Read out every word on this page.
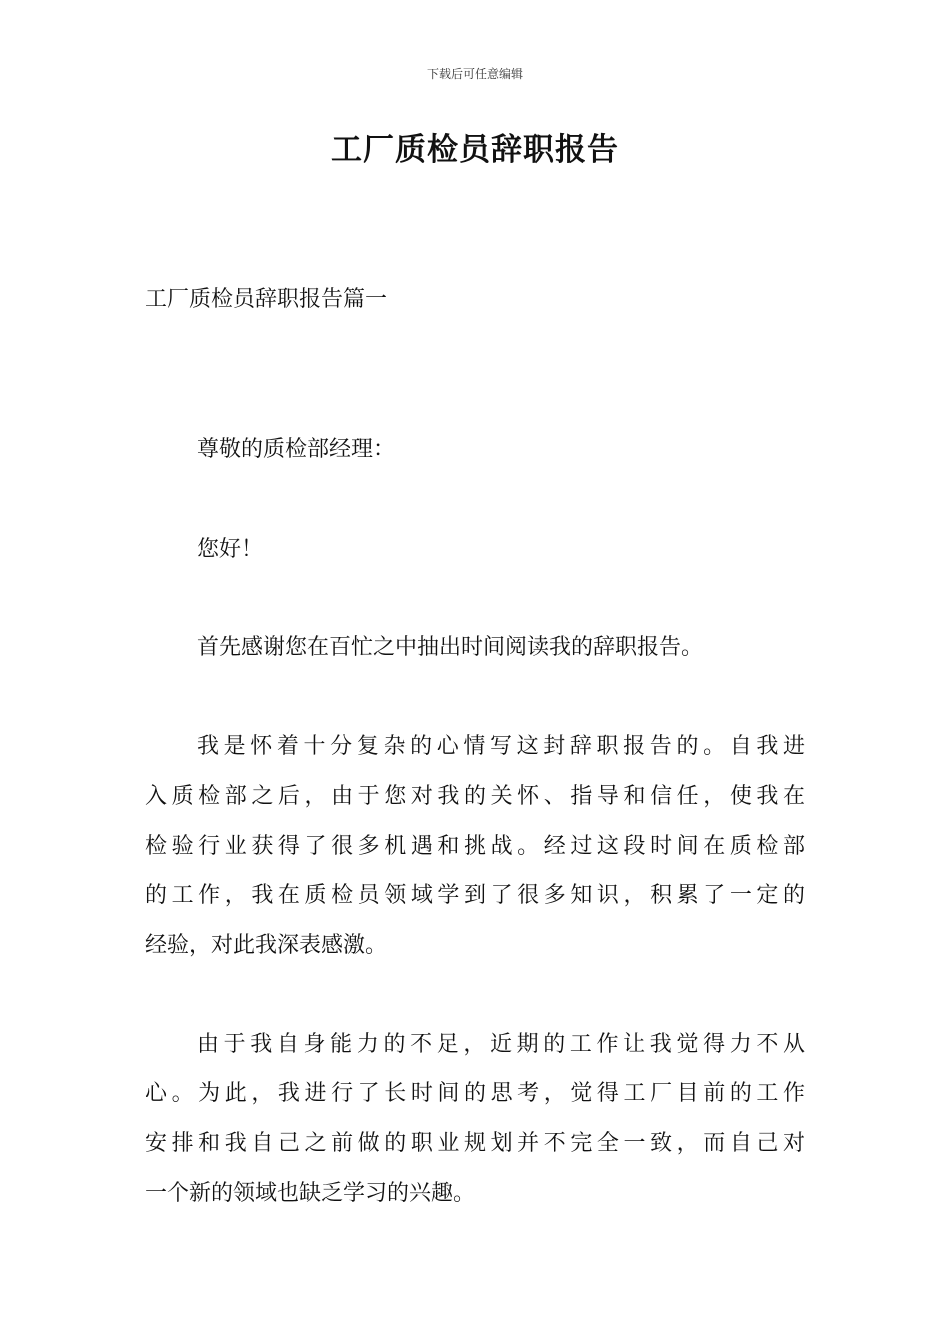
下载后可任意编辑
工厂质检员辞职报告
工厂质检员辞职报告篇一
尊敬的质检部经理：
您好！
首先感谢您在百忙之中抽出时间阅读我的辞职报告。
我是怀着十分复杂的心情写这封辞职报告的。自我进
入质检部之后，由于您对我的关怀、指导和信任，使我在
检验行业获得了很多机遇和挑战。经过这段时间在质检部
的工作，我在质检员领域学到了很多知识，积累了一定的
经验，对此我深表感激。
由于我自身能力的不足，近期的工作让我觉得力不从
心。为此，我进行了长时间的思考，觉得工厂目前的工作
安排和我自己之前做的职业规划并不完全一致，而自己对
一个新的领域也缺乏学习的兴趣。
